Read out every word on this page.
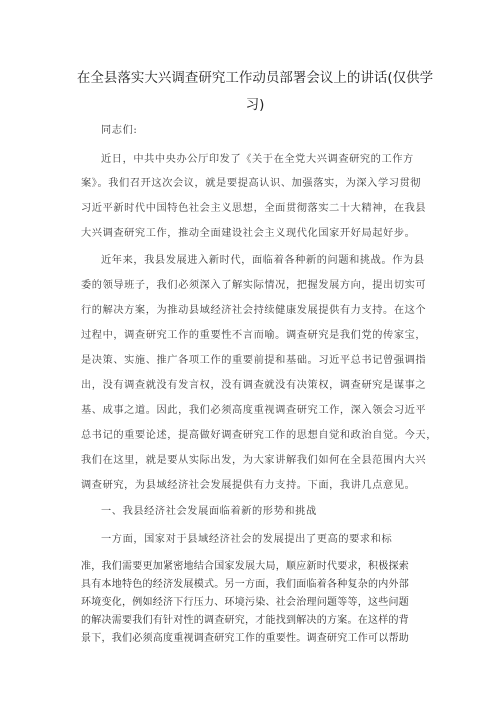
在全县落实大兴调查研究工作动员部署会议上的讲话(仅供学
习)
同志们:
近日，中共中央办公厅印发了《关于在全党大兴调查研究的工作方
案》。我们召开这次会议，就是要提高认识、加强落实，为深入学习贯彻
习近平新时代中国特色社会主义思想，全面贯彻落实二十大精神，在我县
大兴调查研究工作，推动全面建设社会主义现代化国家开好局起好步。
近年来，我县发展进入新时代，面临着各种新的问题和挑战。作为县
委的领导班子，我们必须深入了解实际情况，把握发展方向，提出切实可
行的解决方案，为推动县域经济社会持续健康发展提供有力支持。在这个
过程中，调查研究工作的重要性不言而喻。调查研究是我们党的传家宝，
是决策、实施、推广各项工作的重要前提和基础。习近平总书记曾强调指
出，没有调查就没有发言权，没有调查就没有决策权，调查研究是谋事之
基、成事之道。因此，我们必须高度重视调查研究工作，深入领会习近平
总书记的重要论述，提高做好调查研究工作的思想自觉和政治自觉。今天，
我们在这里，就是要从实际出发，为大家讲解我们如何在全县范围内大兴
调查研究，为县域经济社会发展提供有力支持。下面，我讲几点意见。
一、我县经济社会发展面临着新的形势和挑战
一方面，国家对于县域经济社会的发展提出了更高的要求和标
准，我们需要更加紧密地结合国家发展大局，顺应新时代要求，积极探索
具有本地特色的经济发展模式。另一方面，我们面临着各种复杂的内外部
环境变化，例如经济下行压力、环境污染、社会治理问题等等，这些问题
的解决需要我们有针对性的调查研究，才能找到解决的方案。在这样的背
景下，我们必须高度重视调查研究工作的重要性。调查研究工作可以帮助
